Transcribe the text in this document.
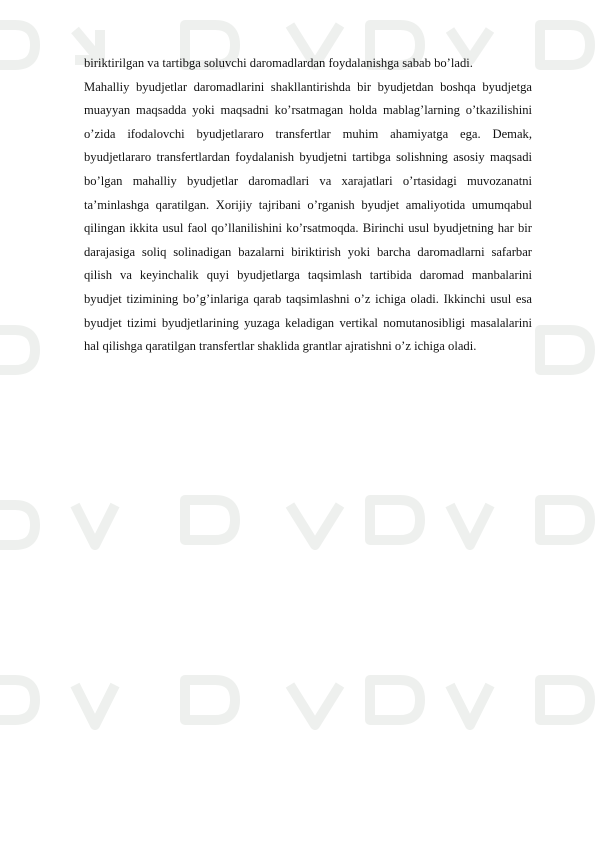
biriktirilgan va tartibga soluvchi daromadlardan foydalanishga sabab bo’ladi.

Mahalliy byudjetlar daromadlarini shakllantirishda bir byudjetdan boshqa byudjetga muayyan maqsadda yoki maqsadni ko’rsatmagan holda mablag’larning o’tkazilishini o’zida ifodalovchi byudjetlararo transfertlar muhim ahamiyatga ega. Demak, byudjetlararo transfertlardan foydalanish byudjetni tartibga solishning asosiy maqsadi bo’lgan mahalliy byudjetlar daromadlari va xarajatlari o’rtasidagi muvozanatni ta’minlashga qaratilgan. Xorijiy tajribani o’rganish byudjet amaliyotida umumqabul qilingan ikkita usul faol qo’llanilishini ko’rsatmoqda. Birinchi usul byudjetning har bir darajasiga soliq solinadigan bazalarni biriktirish yoki barcha daromadlarni safarbar qilish va keyinchalik quyi byudjetlarga taqsimlash tartibida daromad manbalarini byudjet tizimining bo’g’inlariga qarab taqsimlashni o’z ichiga oladi. Ikkinchi usul esa byudjet tizimi byudjetlarining yuzaga keladigan vertikal nomutanosibligi masalalarini hal qilishga qaratilgan transfertlar shaklida grantlar ajratishni o’z ichiga oladi.
